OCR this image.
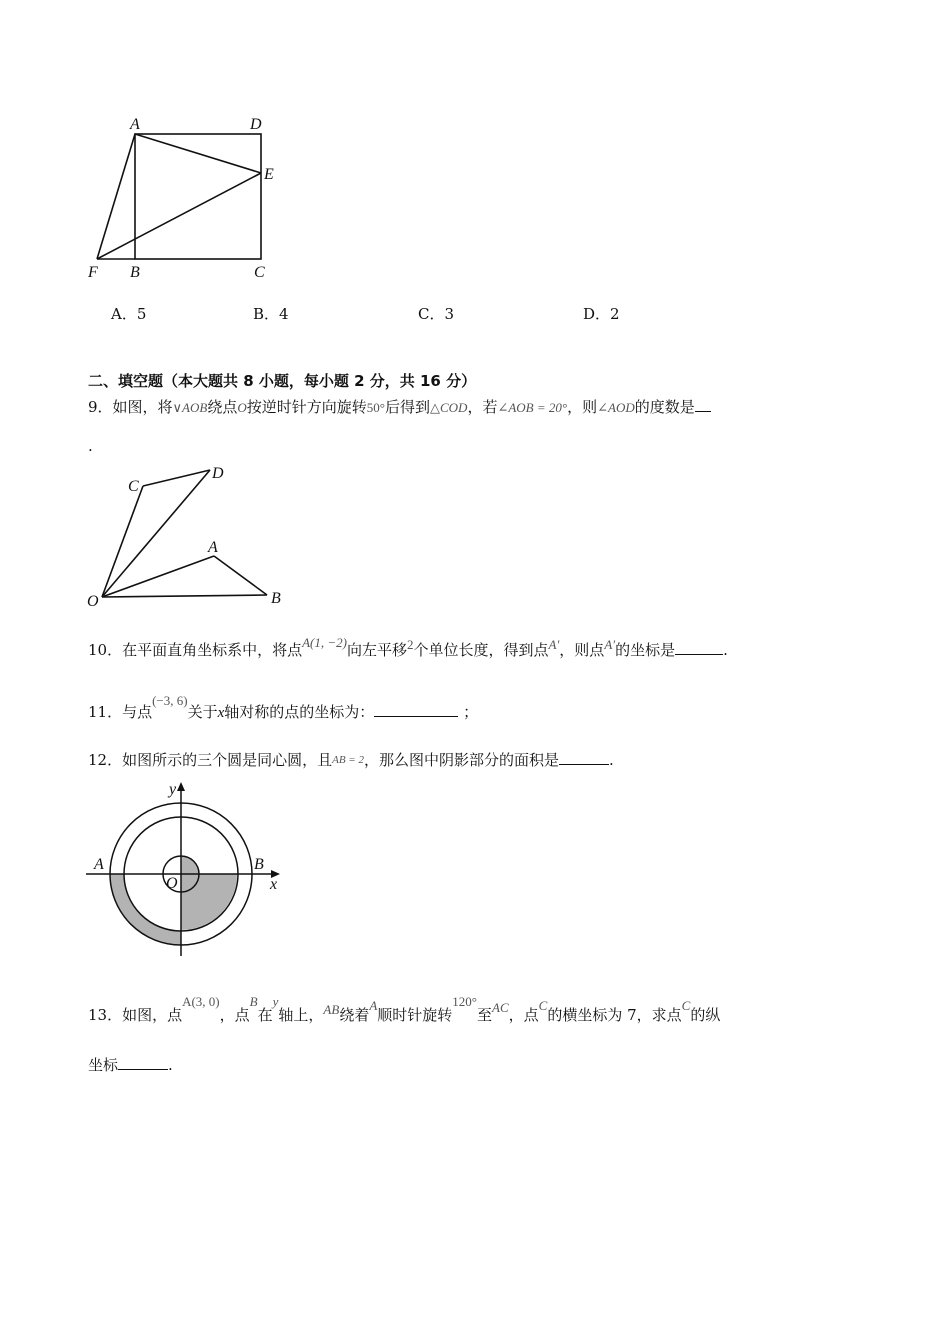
A	D
E
F B	C
A．5	B．4	C．3	D．2
二、填空题（本大题共 8 小题，每小题 2 分，共 16 分）
9．如图，将∨AOB绕点O按逆时针方向旋转50°后得到△COD，若∠AOB = 20°，则∠AOD的度数是
.
C
D
A
O	B
10．在平面直角坐标系中，将点A(1, −2)向左平移2个单位长度，得到点A′，则点A′的坐标是	.
11．与点(−3, 6)关于x轴对称的点的坐标为：	；
12．如图所示的三个圆是同心圆，且AB = 2，那么图中阴影部分的面积是	.
y
A	B
O	x
13．如图，点A(3, 0)，点B在y轴上，AB绕着A顺时针旋转120°至AC，点C的横坐标为 7，求点C的纵
坐标	.
